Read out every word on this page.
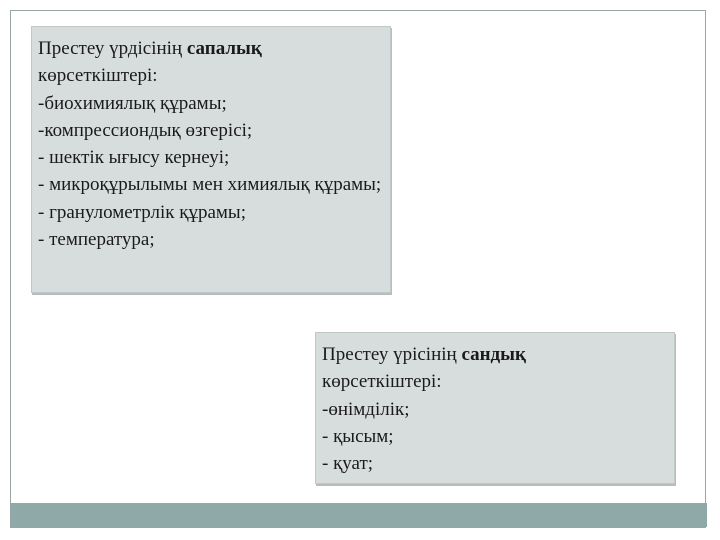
Престеу үрдісінің сапалық
көрсеткіштері:
-биохимиялық құрамы;
-компрессиондық өзгерісі;
- шектік ығысу кернеуі;
- микроқұрылымы мен химиялық құрамы;
- гранулометрлік құрамы;
- температура;
Престеу үрісінің сандық
көрсеткіштері:
-өнімділік;
- қысым;
- қуат;
